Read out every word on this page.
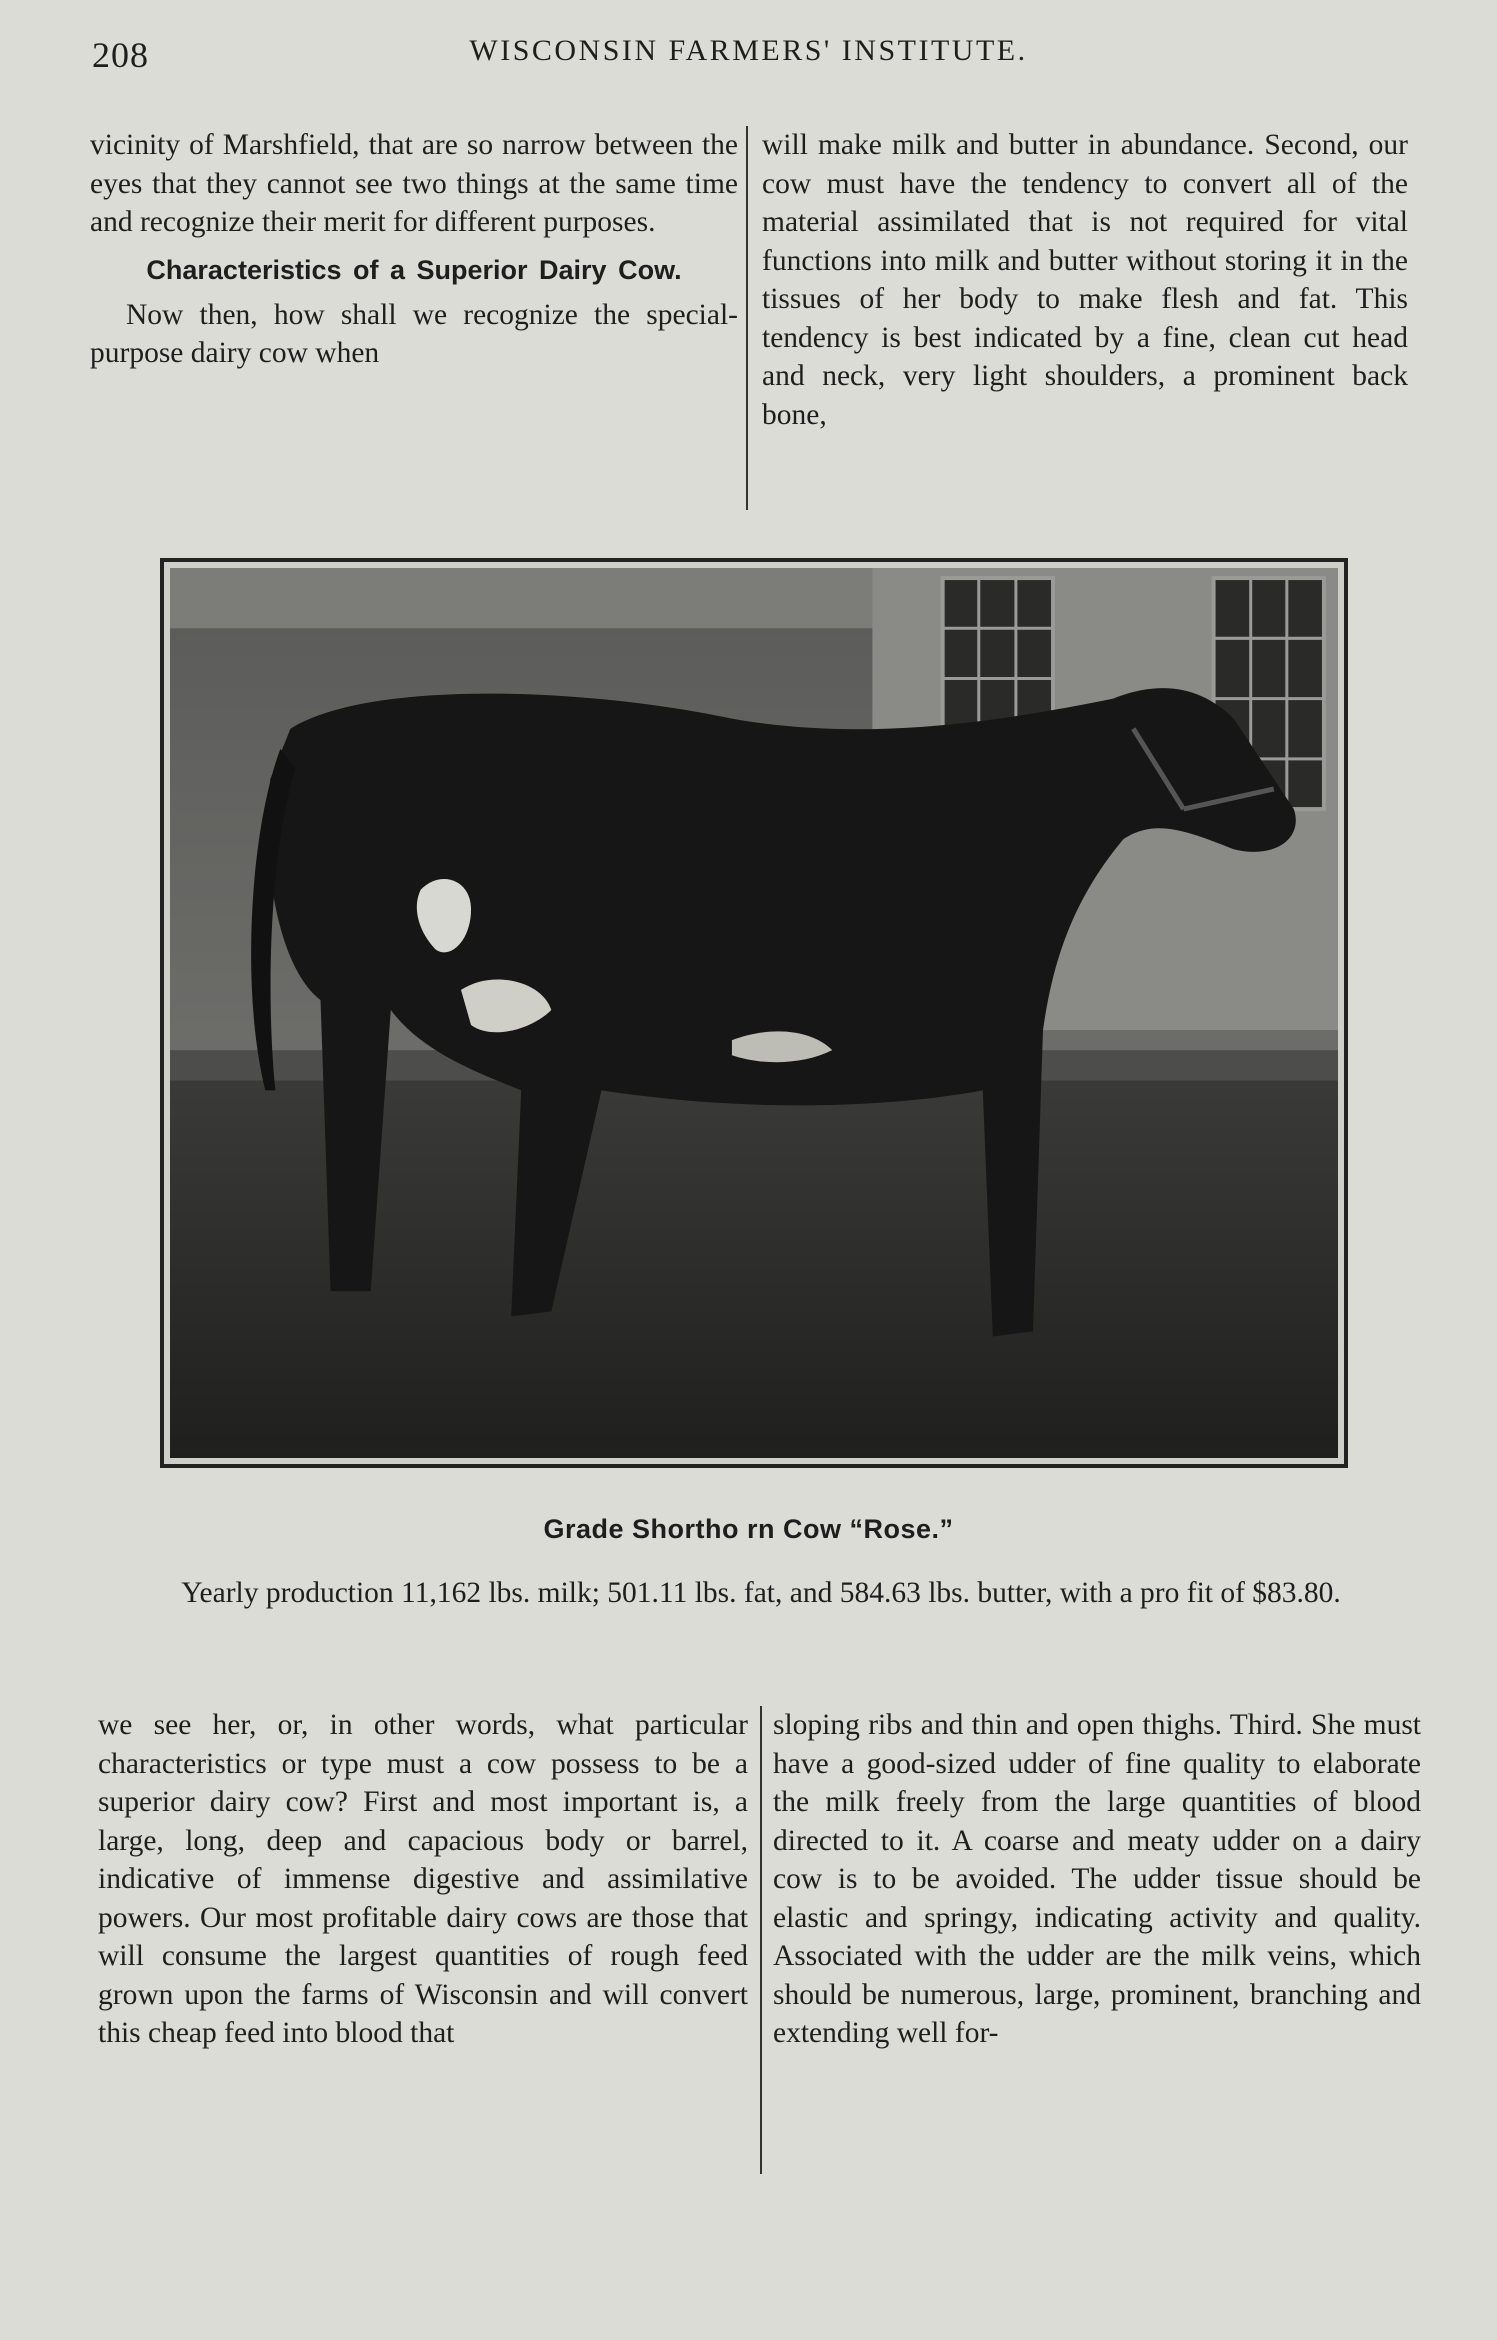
208	WISCONSIN FARMERS' INSTITUTE.

vicinity of Marshfield, that are so narrow between the eyes that they cannot see two things at the same time and recognize their merit for different purposes.

Characteristics of a Superior Dairy Cow.

Now then, how shall we recognize the special-purpose dairy cow when

will make milk and butter in abundance. Second, our cow must have the tendency to convert all of the material assimilated that is not required for vital functions into milk and butter without storing it in the tissues of her body to make flesh and fat. This tendency is best indicated by a fine, clean cut head and neck, very light shoulders, a prominent back bone,

Grade Shortho rn Cow “Rose.”
Yearly production 11,162 lbs. milk; 501.11 lbs. fat, and 584.63 lbs. butter, with a pro fit of $83.80.

we see her, or, in other words, what particular characteristics or type must a cow possess to be a superior dairy cow? First and most important is, a large, long, deep and capacious body or barrel, indicative of immense digestive and assimilative powers. Our most profitable dairy cows are those that will consume the largest quantities of rough feed grown upon the farms of Wisconsin and will convert this cheap feed into blood that

sloping ribs and thin and open thighs. Third. She must have a good-sized udder of fine quality to elaborate the milk freely from the large quantities of blood directed to it. A coarse and meaty udder on a dairy cow is to be avoided. The udder tissue should be elastic and springy, indicating activity and quality. Associated with the udder are the milk veins, which should be numerous, large, prominent, branching and extending well for-
